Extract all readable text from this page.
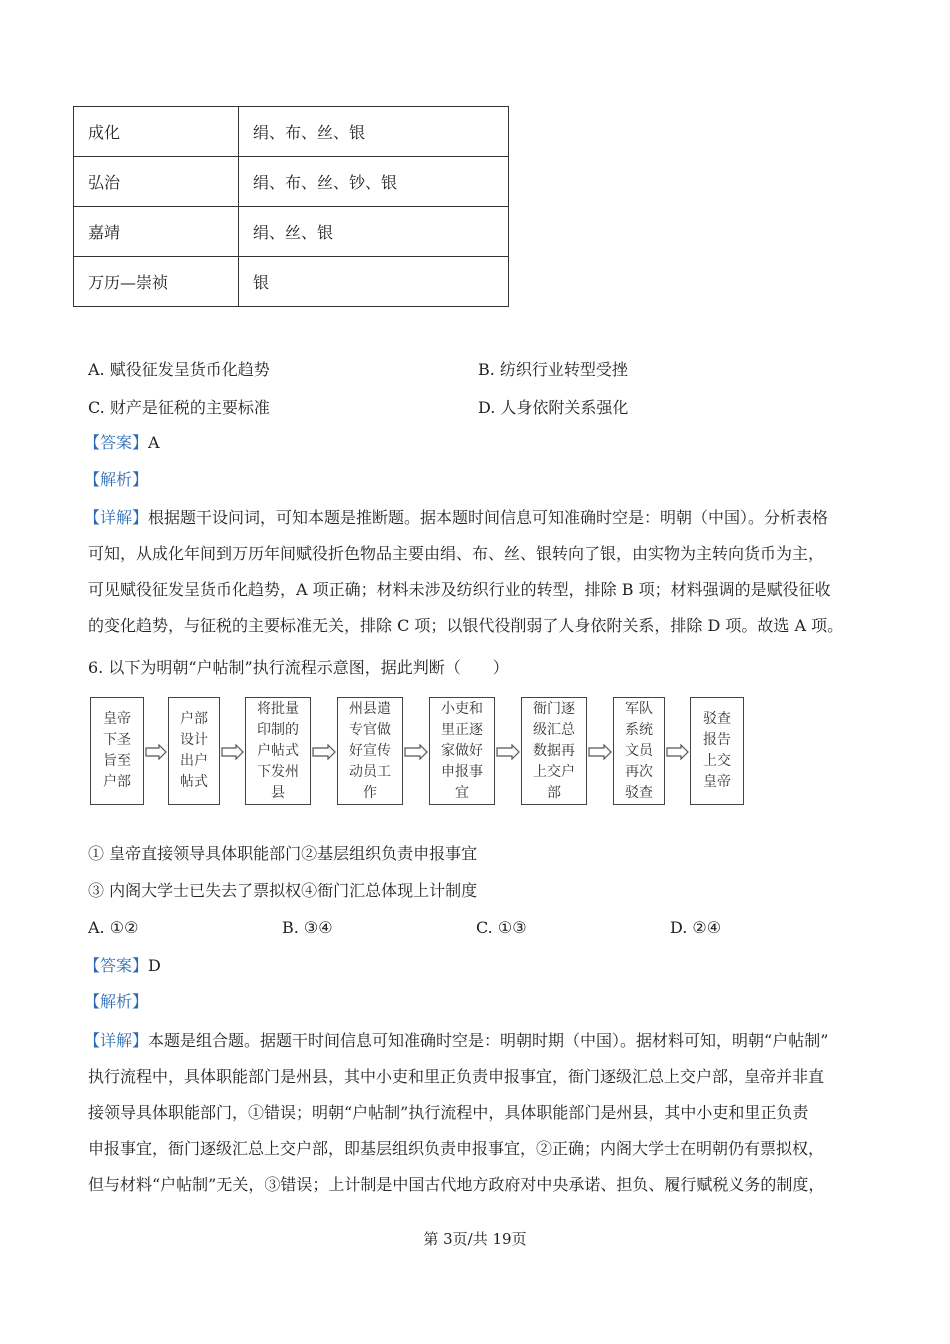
成化	绢、布、丝、银
弘治	绢、布、丝、钞、银
嘉靖	绢、丝、银
万历—崇祯	银
A. 赋役征发呈货币化趋势	B. 纺织行业转型受挫
C. 财产是征税的主要标准	D. 人身依附关系强化
【答案】A
【解析】
【详解】根据题干设问词，可知本题是推断题。据本题时间信息可知准确时空是：明朝（中国）。分析表格
可知，从成化年间到万历年间赋役折色物品主要由绢、布、丝、银转向了银，由实物为主转向货币为主，
可见赋役征发呈货币化趋势，A 项正确；材料未涉及纺织行业的转型，排除 B 项；材料强调的是赋役征收
的变化趋势，与征税的主要标准无关，排除 C 项；以银代役削弱了人身依附关系，排除 D 项。故选 A 项。
6. 以下为明朝“户帖制”执行流程示意图，据此判断（　　）
皇帝
下圣
旨至
户部
户部
设计
出户
帖式
将批量
印制的
户帖式
下发州
县
州县遣
专官做
好宣传
动员工
作
小吏和
里正逐
家做好
申报事
宜
衙门逐
级汇总
数据再
上交户
部
军队
系统
文员
再次
驳查
驳查
报告
上交
皇帝
① 皇帝直接领导具体职能部门②基层组织负责申报事宜
③ 内阁大学士已失去了票拟权④衙门汇总体现上计制度
A. ①②	B. ③④	C. ①③	D. ②④
【答案】D
【解析】
【详解】本题是组合题。据题干时间信息可知准确时空是：明朝时期（中国）。据材料可知，明朝“户帖制”
执行流程中，具体职能部门是州县，其中小吏和里正负责申报事宜，衙门逐级汇总上交户部，皇帝并非直
接领导具体职能部门，①错误；明朝“户帖制”执行流程中，具体职能部门是州县，其中小吏和里正负责
申报事宜，衙门逐级汇总上交户部，即基层组织负责申报事宜，②正确；内阁大学士在明朝仍有票拟权，
但与材料“户帖制”无关，③错误；上计制是中国古代地方政府对中央承诺、担负、履行赋税义务的制度，
第 3页/共 19页
